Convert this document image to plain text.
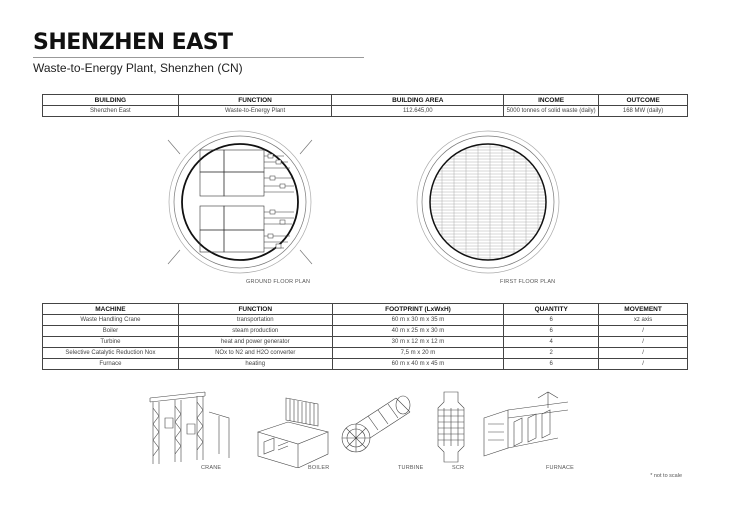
SHENZHEN EAST
Waste-to-Energy Plant, Shenzhen (CN)
BUILDING	FUNCTION	BUILDING AREA	INCOME	OUTCOME
Shenzhen East	Waste-to-Energy Plant	112.645,00	5000 tonnes of solid waste (daily)	168 MW (daily)
GROUND FLOOR PLAN	FIRST FLOOR PLAN
MACHINE	FUNCTION	FOOTPRINT (LxWxH)	QUANTITY	MOVEMENT
Waste Handling Crane	transportation	60 m x 30 m x 35 m	6	xz axis
Boiler	steam production	40 m x 25 m x 30 m	6	/
Turbine	heat and power generator	30 m x 12 m x 12 m	4	/
Selective Catalytic Reduction Nox	NOx to N2 and H2O converter	7,5 m x 20 m	2	/
Furnace	heating	60 m x 40 m x 45 m	6	/
CRANE	BOILER	TURBINE	SCR	FURNACE
* not to scale
